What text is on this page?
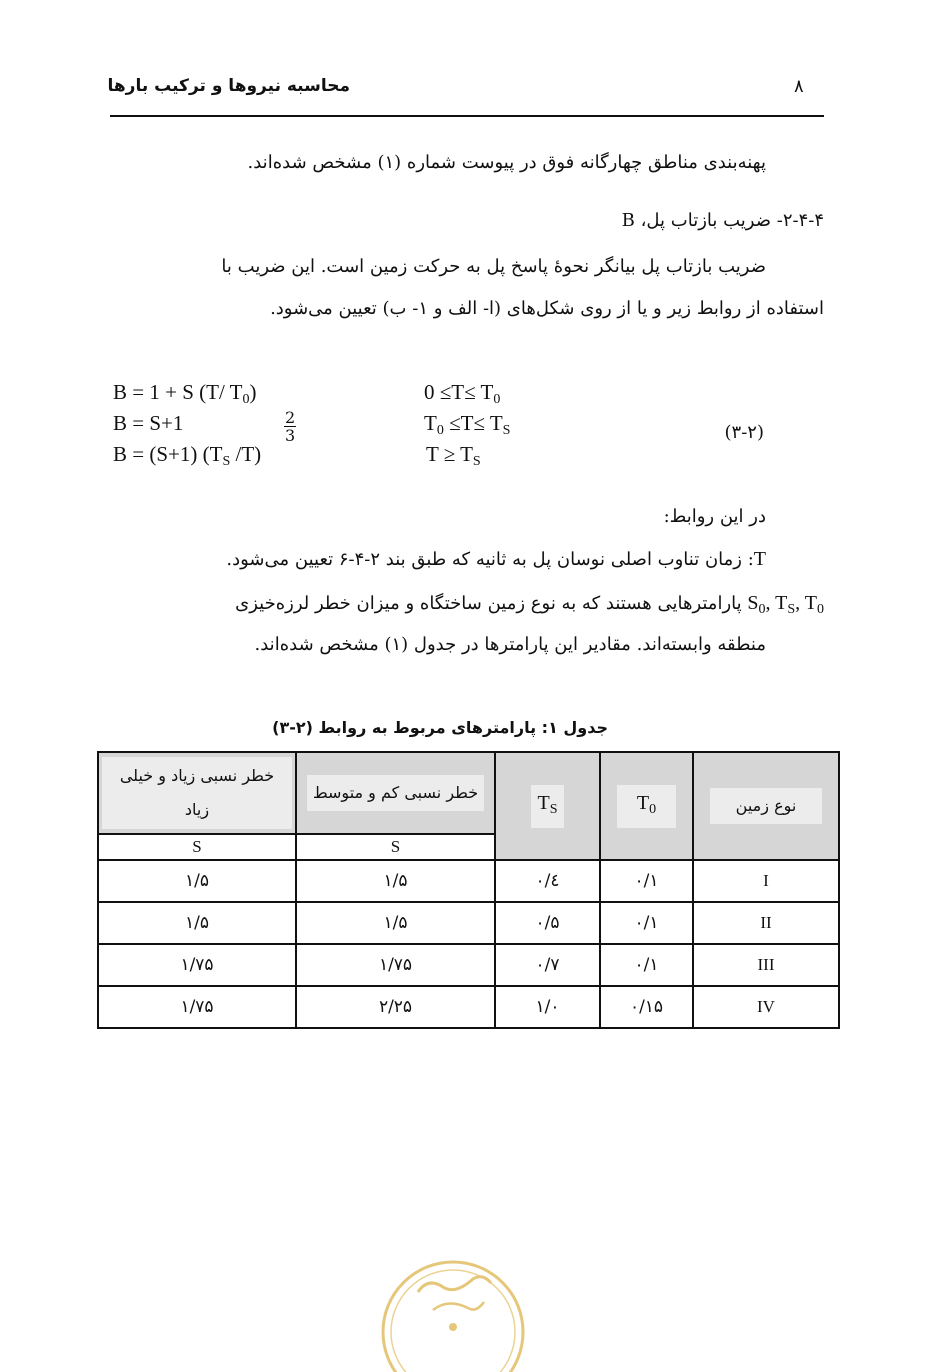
۸
محاسبه نیروها و ترکیب بارها
پهنه‌بندی مناطق چهارگانه فوق در پیوست شماره (۱) مشخص شده‌اند.
۲-۴-۴- ضریب بازتاب پل، B
ضریب بازتاب پل بیانگر نحوهٔ پاسخ پل به حرکت زمین است. این ضریب با
استفاده از روابط زیر و یا از روی شکل‌های (ا- الف و ۱- ب) تعیین می‌شود.
B = 1 + S (T/ $T_0$)
B = S+1
B = (S+1) ($T_S$ /T)
$\frac{2}{3}$
$0 \le T\le T_0$
$T_0 \le T\le T_S$
$T \ge T_S$
(۳-۲)
در این روابط:
T: زمان تناوب اصلی نوسان پل به ثانیه که طبق بند ۲-۴-۶ تعیین می‌شود.
$S_0$, $T_S$, $T_0$ پارامترهایی هستند که به نوع زمین ساختگاه و میزان خطر لرزه‌خیزی
منطقه وابسته‌اند. مقادیر این پارامترها در جدول (۱) مشخص شده‌اند.
جدول ۱: پارامترهای مربوط به روابط (۲-۳)
خطر نسبی زیاد و خیلی زیاد	خطر نسبی کم و متوسط	$T_S$	$T_0$	نوع زمین
S	S			
۱/۵	۱/۵	۰/٤	۰/۱	I
۱/۵	۱/۵	۰/۵	۰/۱	II
۱/۷۵	۱/۷۵	۰/۷	۰/۱	III
۱/۷۵	۲/۲۵	۱/۰	۰/۱۵	IV
